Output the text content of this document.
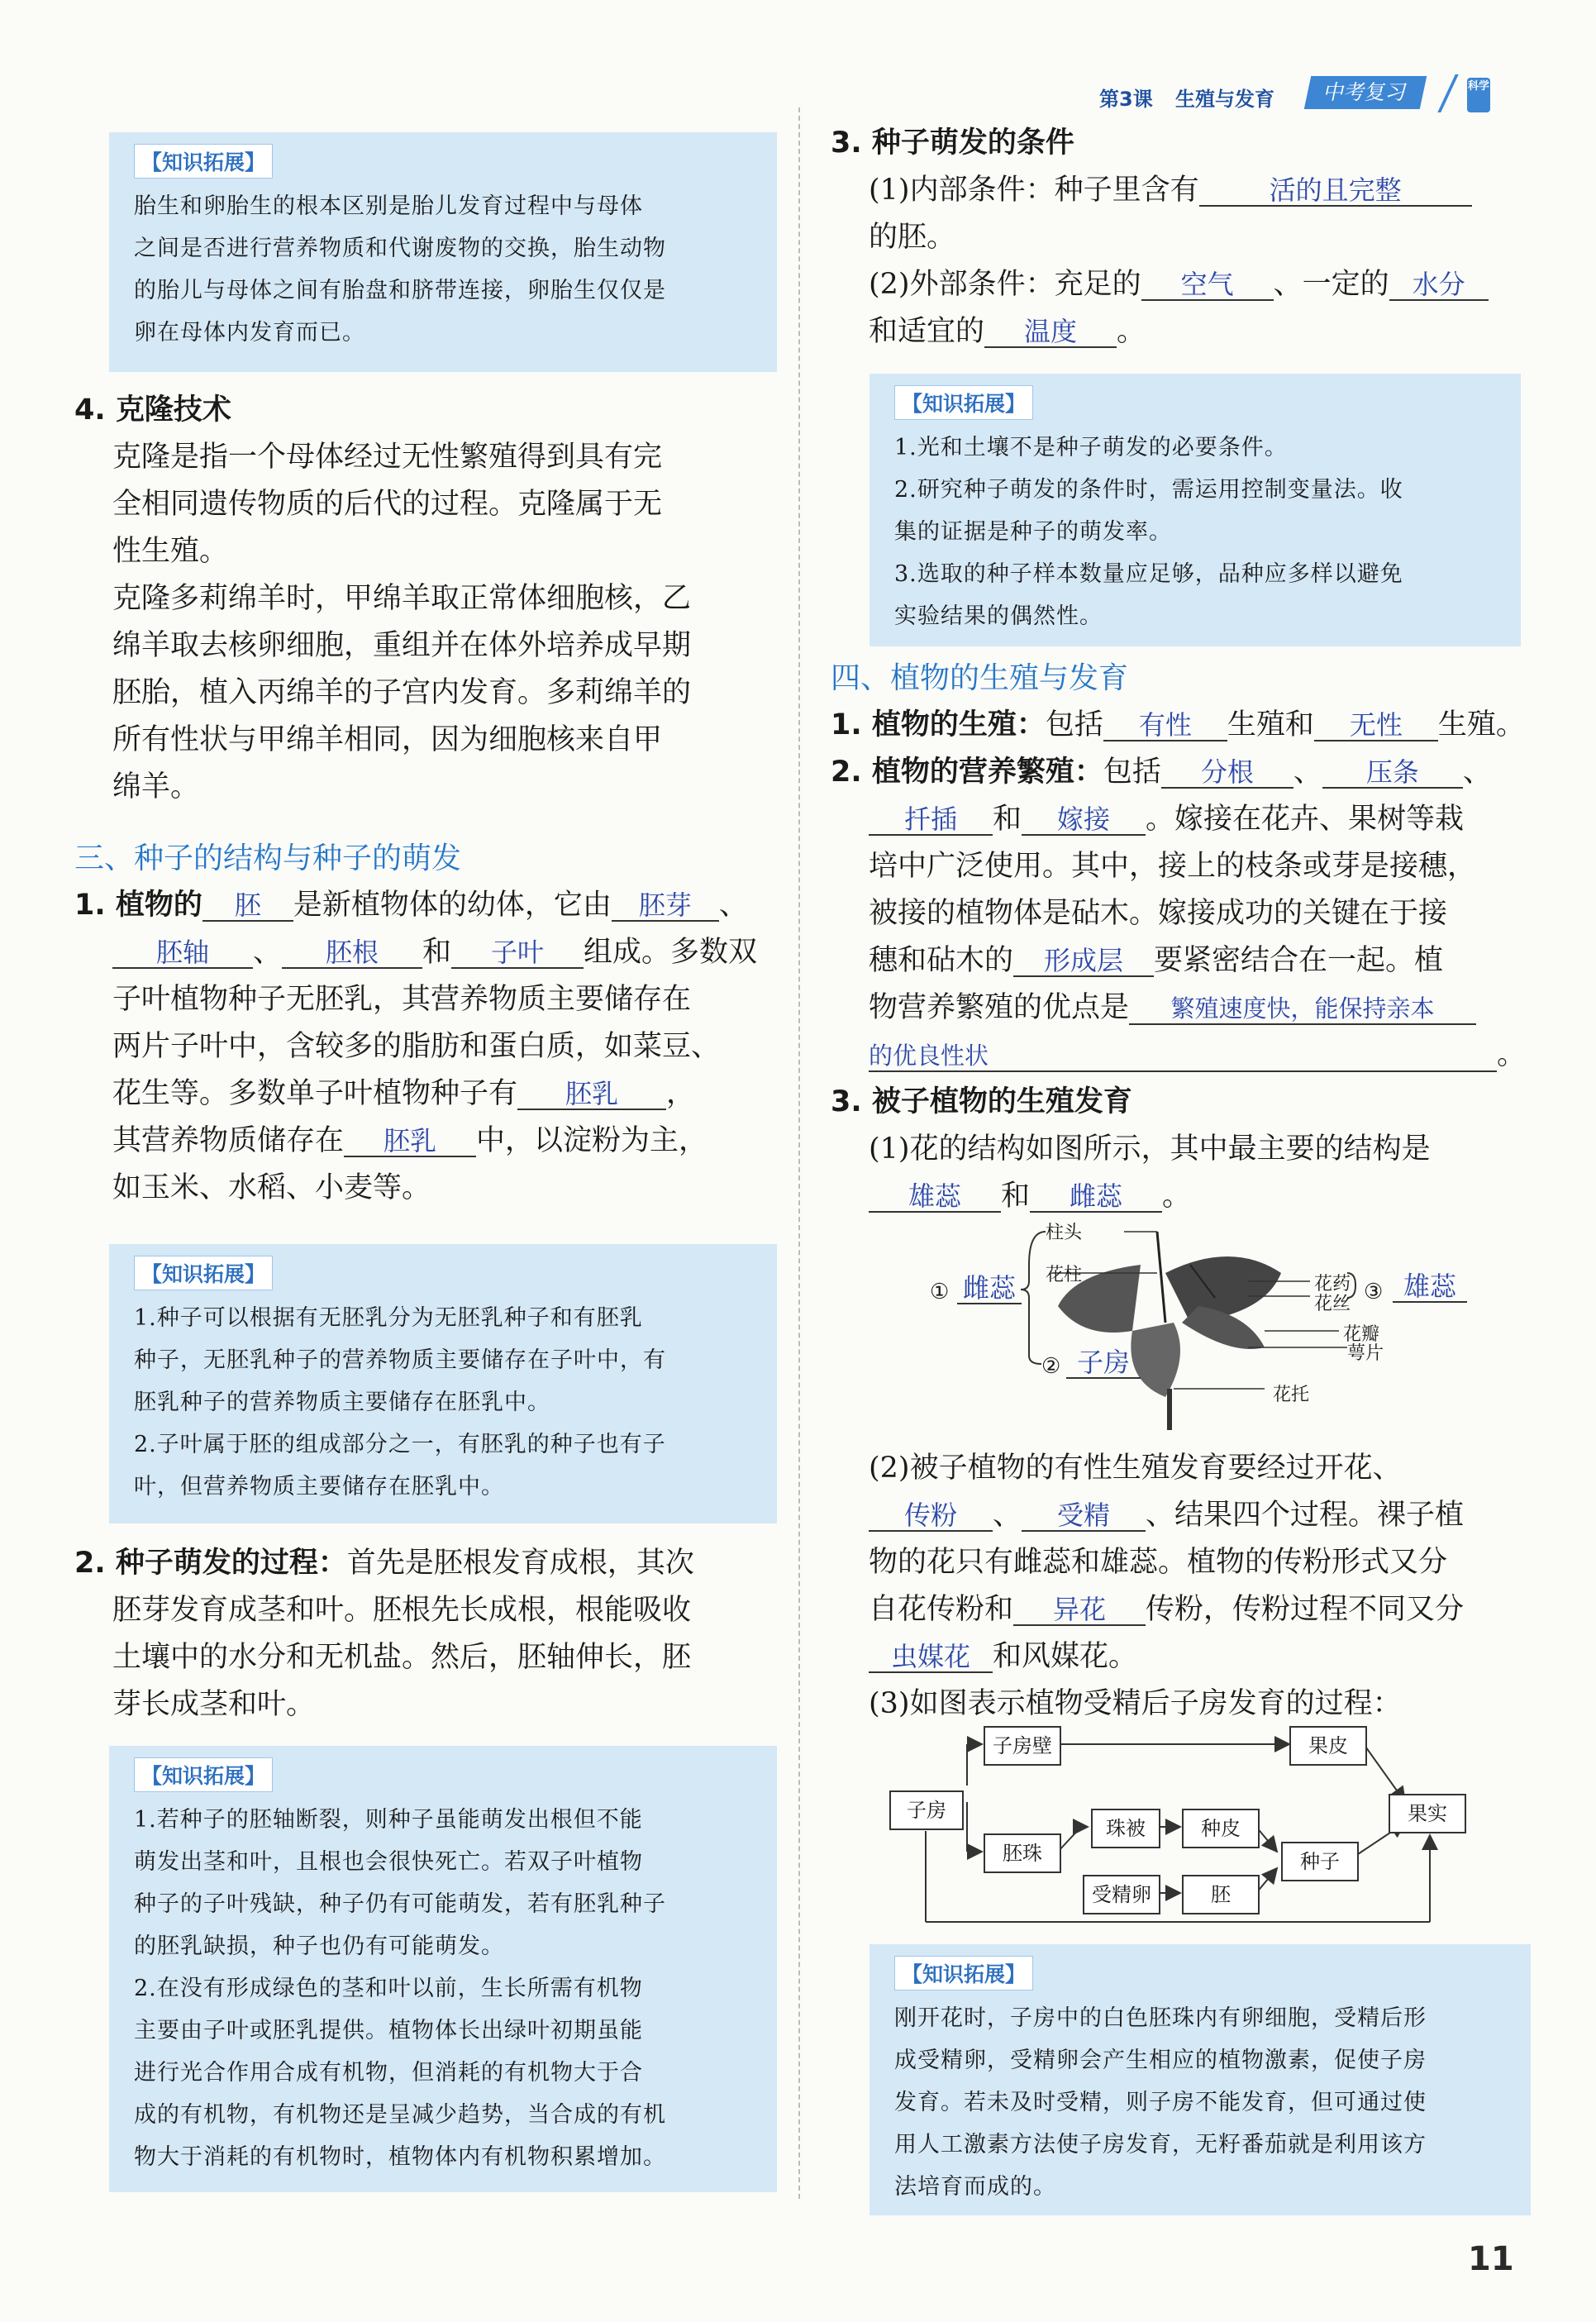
第3课 生殖与发育	中考复习	科学
【知识拓展】

胎生和卵胎生的根本区别是胎儿发育过程中与母体

之间是否进行营养物质和代谢废物的交换，胎生动物

的胎儿与母体之间有胎盘和脐带连接，卵胎生仅仅是

卵在母体内发育而已。

4. 克隆技术

克隆是指一个母体经过无性繁殖得到具有完

全相同遗传物质的后代的过程。克隆属于无

性生殖。

克隆多莉绵羊时，甲绵羊取正常体细胞核，乙

绵羊取去核卵细胞，重组并在体外培养成早期

胚胎，植入丙绵羊的子宫内发育。多莉绵羊的

所有性状与甲绵羊相同，因为细胞核来自甲

绵羊。

三、种子的结构与种子的萌发

1. 植物的 胚 是新植物体的幼体，它由 胚芽 、

胚轴 、 胚根 和 子叶 组成。多数双

子叶植物种子无胚乳，其营养物质主要储存在

两片子叶中，含较多的脂肪和蛋白质，如菜豆、

花生等。多数单子叶植物种子有 胚乳 ，

其营养物质储存在 胚乳 中，以淀粉为主，

如玉米、水稻、小麦等。

【知识拓展】

1.种子可以根据有无胚乳分为无胚乳种子和有胚乳

种子，无胚乳种子的营养物质主要储存在子叶中，有

胚乳种子的营养物质主要储存在胚乳中。

2.子叶属于胚的组成部分之一，有胚乳的种子也有子

叶，但营养物质主要储存在胚乳中。

2. 种子萌发的过程：首先是胚根发育成根，其次

胚芽发育成茎和叶。胚根先长成根，根能吸收

土壤中的水分和无机盐。然后，胚轴伸长，胚

芽长成茎和叶。

【知识拓展】

1.若种子的胚轴断裂，则种子虽能萌发出根但不能

萌发出茎和叶，且根也会很快死亡。若双子叶植物

种子的子叶残缺，种子仍有可能萌发，若有胚乳种子

的胚乳缺损，种子也仍有可能萌发。

2.在没有形成绿色的茎和叶以前，生长所需有机物

主要由子叶或胚乳提供。植物体长出绿叶初期虽能

进行光合作用合成有机物，但消耗的有机物大于合

成的有机物，有机物还是呈减少趋势，当合成的有机

物大于消耗的有机物时，植物体内有机物积累增加。

3. 种子萌发的条件

(1)内部条件：种子里含有	活的且完整

的胚。

(2)外部条件：充足的 空气 、一定的 水分

和适宜的 温度 。

【知识拓展】

1.光和土壤不是种子萌发的必要条件。

2.研究种子萌发的条件时，需运用控制变量法。收

集的证据是种子的萌发率。

3.选取的种子样本数量应足够，品种应多样以避免

实验结果的偶然性。

四、植物的生殖与发育

1. 植物的生殖：包括 有性 生殖和 无性 生殖。

2. 植物的营养繁殖：包括 分根 、 压条 、

扦插 和 嫁接 。嫁接在花卉、果树等栽

培中广泛使用。其中，接上的枝条或芽是接穗，

被接的植物体是砧木。嫁接成功的关键在于接

穗和砧木的 形成层 要紧密结合在一起。植

物营养繁殖的优点是 繁殖速度快，能保持亲本

的优良性状	。

3. 被子植物的生殖发育

(1)花的结构如图所示，其中最主要的结构是

雄蕊 和 雌蕊 。

柱头
花柱	花药
花丝
花瓣
萼片
花托
① 雌蕊
② 子房
③ 雄蕊

(2)被子植物的有性生殖发育要经过开花、

传粉 、 受精 、结果四个过程。裸子植

物的花只有雌蕊和雄蕊。植物的传粉形式又分

自花传粉和 异花 传粉，传粉过程不同又分

虫媒花 和风媒花。

(3)如图表示植物受精后子房发育的过程：

子房
子房壁	果皮
胚珠
珠被	种皮
受精卵	胚
种子
果实
【知识拓展】

刚开花时，子房中的白色胚珠内有卵细胞，受精后形

成受精卵，受精卵会产生相应的植物激素，促使子房

发育。若未及时受精，则子房不能发育，但可通过使

用人工激素方法使子房发育，无籽番茄就是利用该方

法培育而成的。

11
